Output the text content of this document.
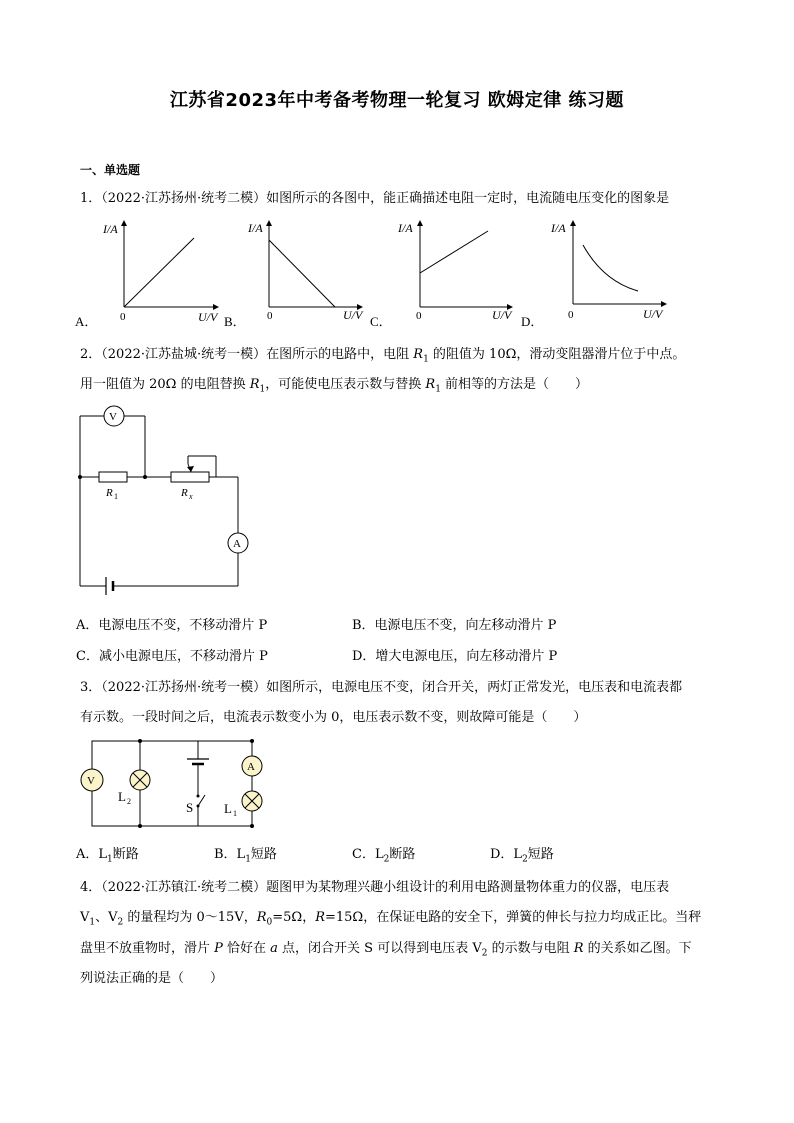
江苏省2023年中考备考物理一轮复习 欧姆定律 练习题
一、单选题
1．（2022·江苏扬州·统考二模）如图所示的各图中，能正确描述电阻一定时，电流随电压变化的图象是
I/A
U/V
0
A．
I/A
U/V
0
B．
I/A
U/V
0
C．
I/A
U/V
0
D．
2．（2022·江苏盐城·统考一模）在图所示的电路中，电阻 $R_1$ 的阻值为 10Ω，滑动变阻器滑片位于中点。
用一阻值为 20Ω 的电阻替换 $R_1$，可能使电压表示数与替换 $R_1$ 前相等的方法是（　　）
V
A
R 1	R x
A．电源电压不变，不移动滑片 P	B．电源电压不变，向左移动滑片 P
C．减小电源电压，不移动滑片 P	D．增大电源电压，向左移动滑片 P
3．（2022·江苏扬州·统考一模）如图所示，电源电压不变，闭合开关，两灯正常发光，电压表和电流表都
有示数。一段时间之后，电流表示数变小为 0，电压表示数不变，则故障可能是（　　）
V
L 2	S
A
L 1
A．$L_1$断路	B．$L_1$短路	C．$L_2$断路	D．$L_2$短路
4．（2022·江苏镇江·统考二模）题图甲为某物理兴趣小组设计的利用电路测量物体重力的仪器，电压表
$V_1$、$V_2$ 的量程均为 0～15V，$R_0=5\Omega$，R=15Ω，在保证电路的安全下，弹簧的伸长与拉力均成正比。当秤
盘里不放重物时，滑片 P 恰好在 a 点，闭合开关 S 可以得到电压表 $V_2$ 的示数与电阻 R 的关系如乙图。下
列说法正确的是（　　）
